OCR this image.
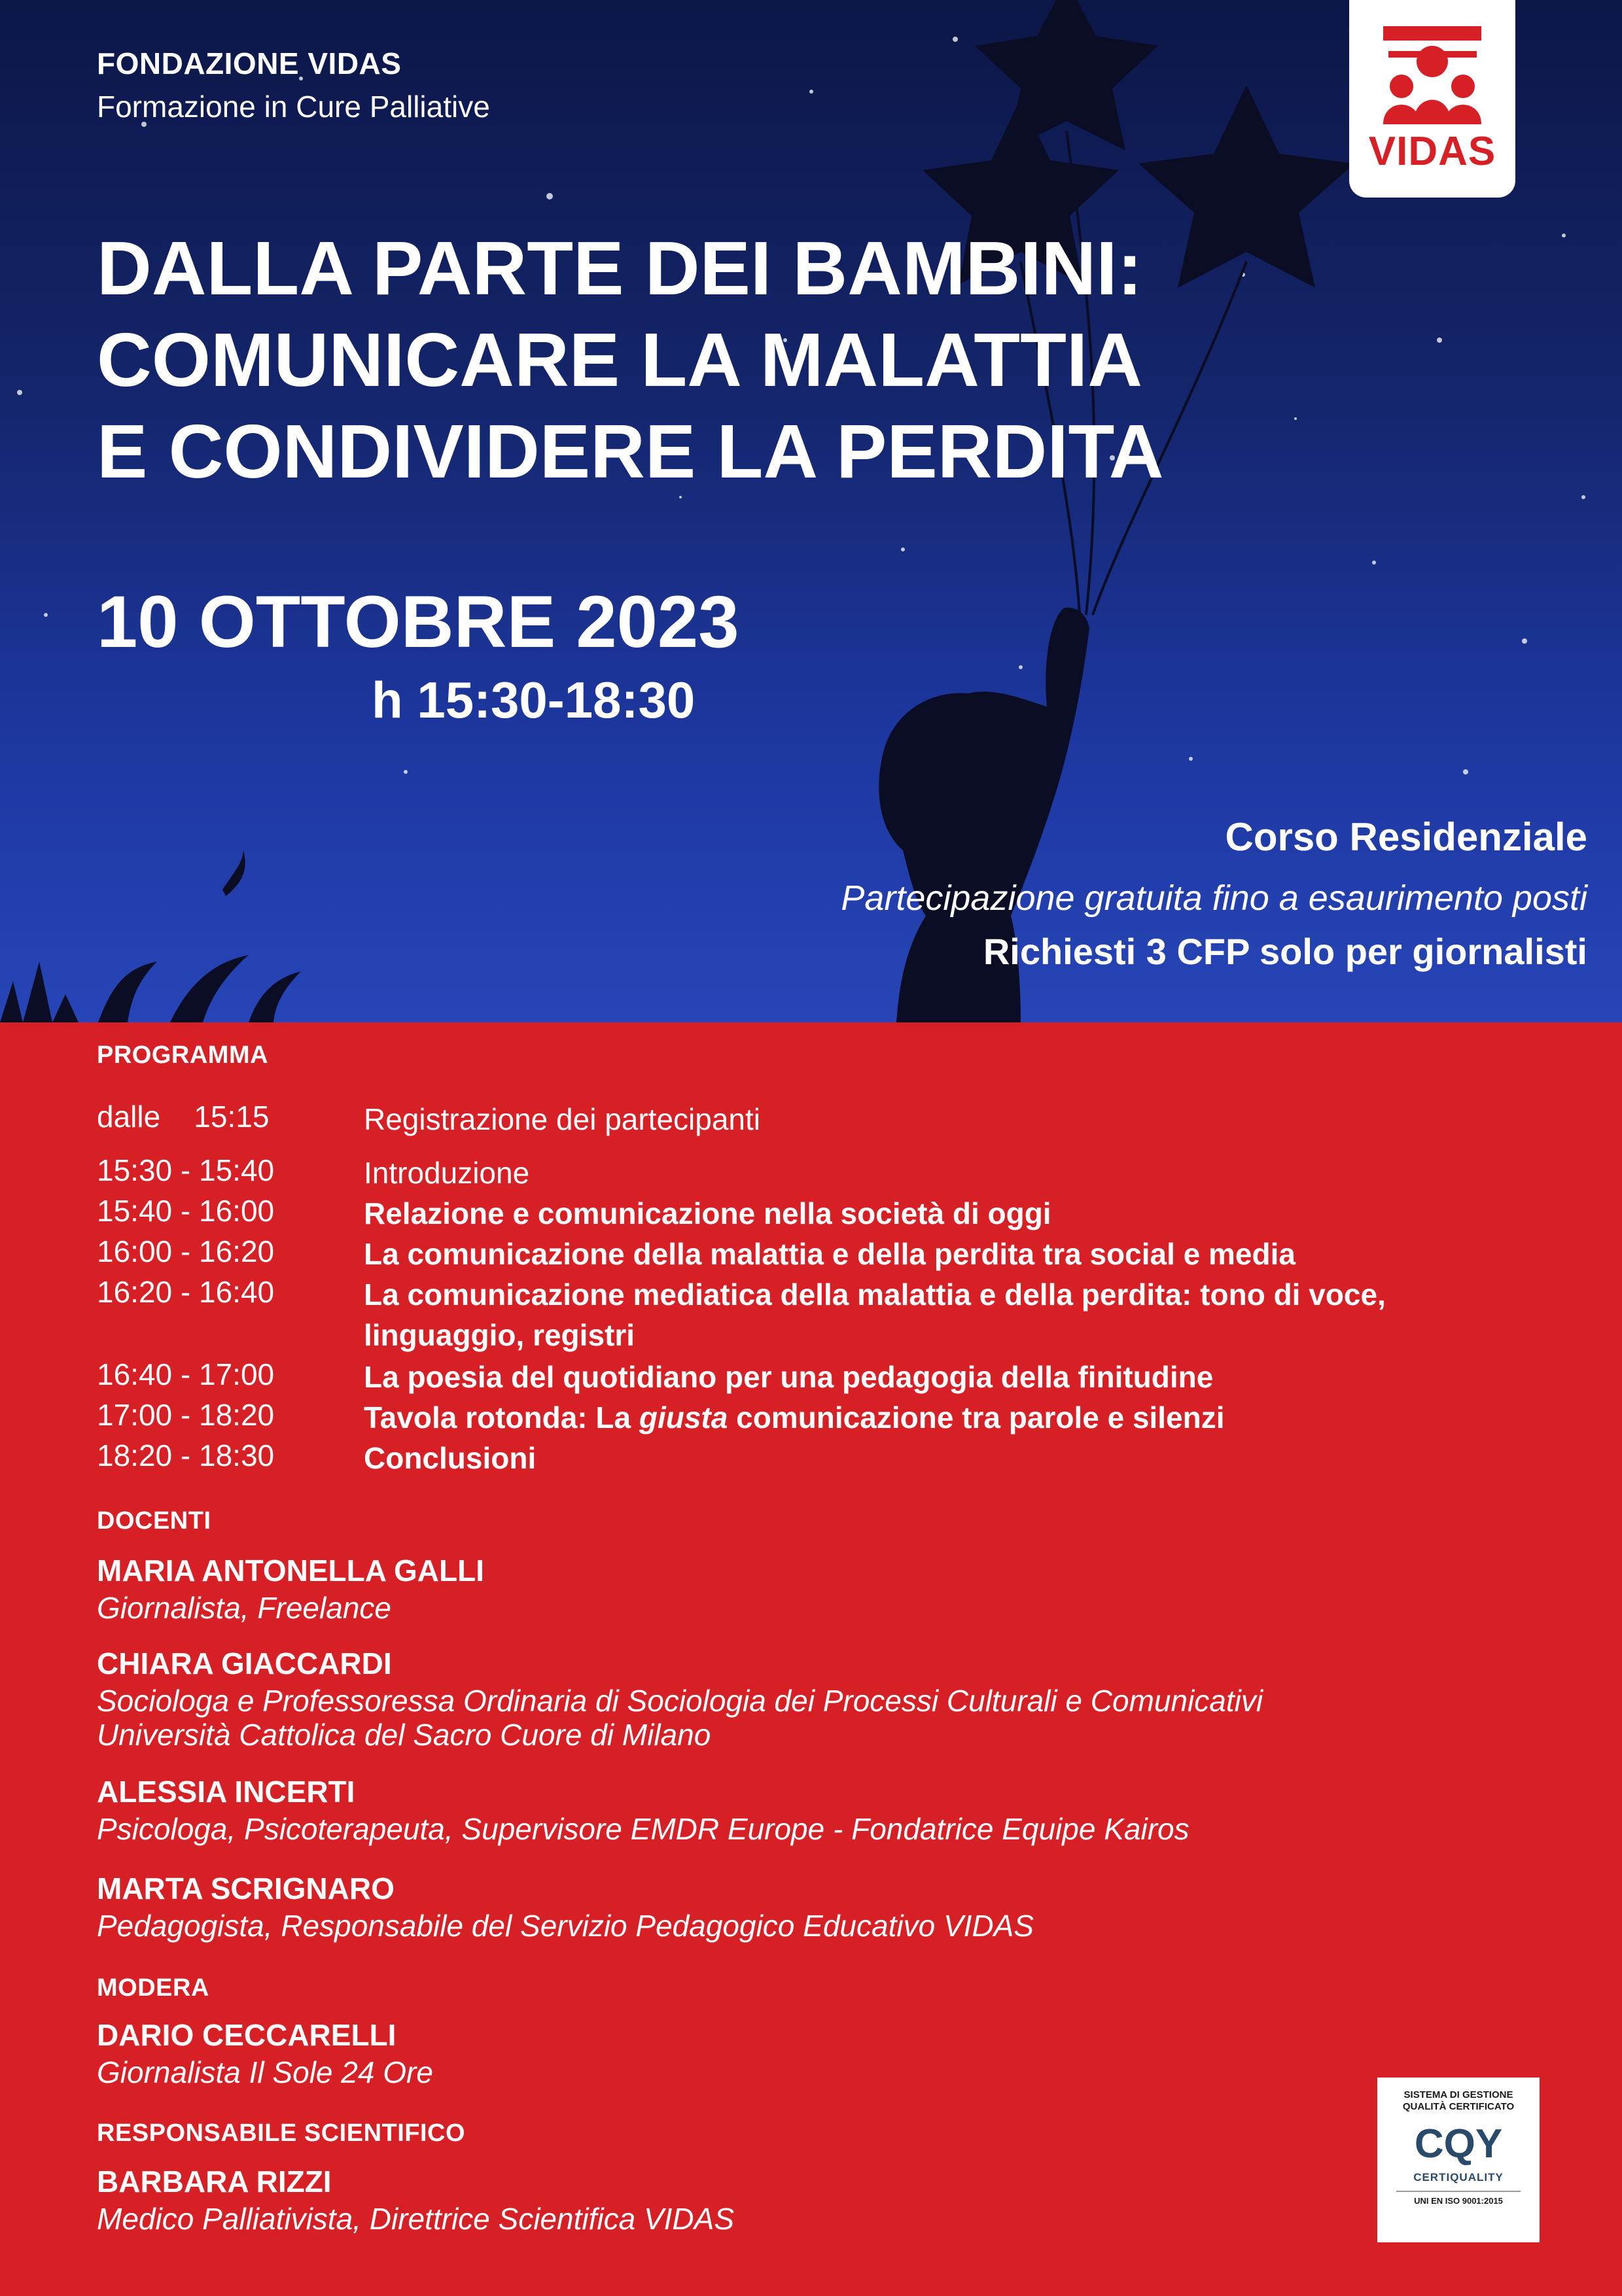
FONDAZIONE VIDAS
Formazione in Cure Palliative
VIDAS
DALLA PARTE DEI BAMBINI:
COMUNICARE LA MALATTIA
E CONDIVIDERE LA PERDITA
10 OTTOBRE 2023
h 15:30-18:30
Corso Residenziale
Partecipazione gratuita fino a esaurimento posti
Richiesti 3 CFP solo per giornalisti
PROGRAMMA
dalle    15:15	Registrazione dei partecipanti
15:30 - 15:40	Introduzione
15:40 - 16:00	Relazione e comunicazione nella società di oggi
16:00 - 16:20	La comunicazione della malattia e della perdita tra social e media
16:20 - 16:40	La comunicazione mediatica della malattia e della perdita: tono di voce, linguaggio, registri
16:40 - 17:00	La poesia del quotidiano per una pedagogia della finitudine
17:00 - 18:20	Tavola rotonda: La giusta comunicazione tra parole e silenzi
18:20 - 18:30	Conclusioni
DOCENTI
MARIA ANTONELLA GALLI
Giornalista, Freelance
CHIARA GIACCARDI
Sociologa e Professoressa Ordinaria di Sociologia dei Processi Culturali e Comunicativi
Università Cattolica del Sacro Cuore di Milano
ALESSIA INCERTI
Psicologa, Psicoterapeuta, Supervisore EMDR Europe - Fondatrice Equipe Kairos
MARTA SCRIGNARO
Pedagogista, Responsabile del Servizio Pedagogico Educativo VIDAS
MODERA
DARIO CECCARELLI
Giornalista Il Sole 24 Ore
RESPONSABILE SCIENTIFICO
BARBARA RIZZI
Medico Palliativista, Direttrice Scientifica VIDAS
SISTEMA DI GESTIONE
QUALITÀ CERTIFICATO
CQY
CERTIQUALITY
UNI EN ISO 9001:2015
